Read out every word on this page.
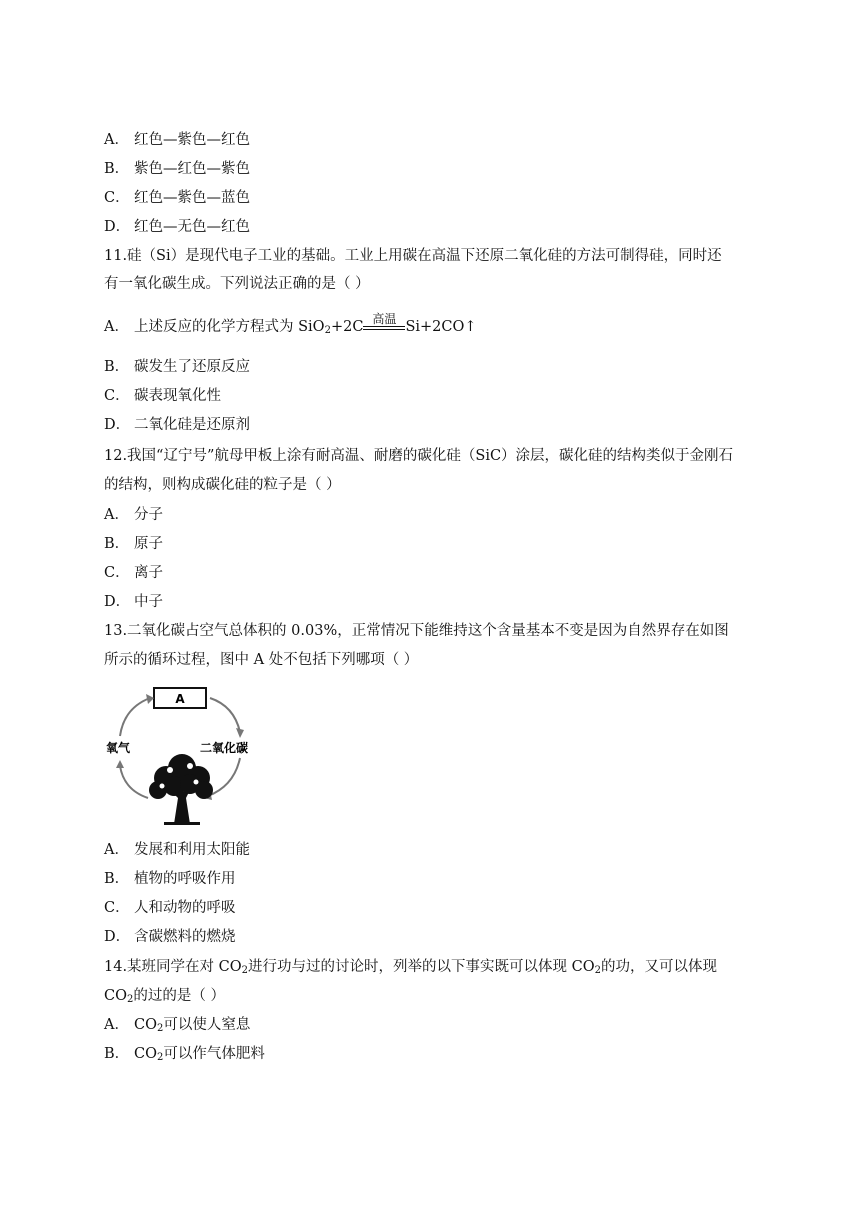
A． 红色—紫色—红色
B． 紫色—红色—紫色
C． 红色—紫色—蓝色
D． 红色—无色—红色
11.硅（Si）是现代电子工业的基础。工业上用碳在高温下还原二氧化硅的方法可制得硅，同时还
有一氧化碳生成。下列说法正确的是（ ）
A． 上述反应的化学方程式为 SiO$_2$+2C 高温 Si+2CO↑
B． 碳发生了还原反应
C． 碳表现氧化性
D． 二氧化硅是还原剂
12.我国“辽宁号”航母甲板上涂有耐高温、耐磨的碳化硅（SiC）涂层，碳化硅的结构类似于金刚石
的结构，则构成碳化硅的粒子是（ ）
A． 分子
B． 原子
C． 离子
D． 中子
13.二氧化碳占空气总体积的 0.03%，正常情况下能维持这个含量基本不变是因为自然界存在如图
所示的循环过程，图中 A 处不包括下列哪项（ ）
A
氧气	二氧化碳
A． 发展和利用太阳能
B． 植物的呼吸作用
C． 人和动物的呼吸
D． 含碳燃料的燃烧
14.某班同学在对 $CO_2$进行功与过的讨论时，列举的以下事实既可以体现 $CO_2$的功，又可以体现
$CO_2$的过的是（ ）
A． $CO_2$可以使人窒息
B． $CO_2$可以作气体肥料
